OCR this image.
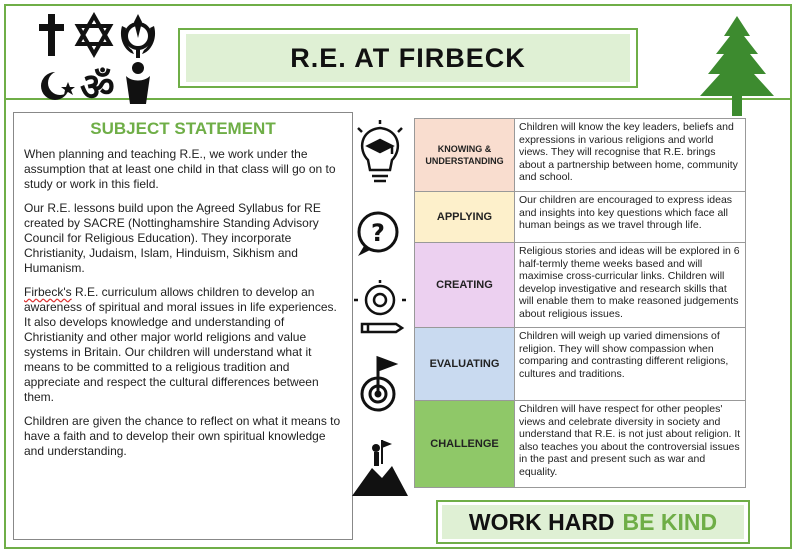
ॐ
R.E. AT FIRBECK
SUBJECT STATEMENT

When planning and teaching R.E., we work under the assumption that at least one child in that class will go on to study or work in this field.

Our R.E. lessons build upon the Agreed Syllabus for RE created by SACRE (Nottinghamshire Standing Advisory Council for Religious Education). They incorporate Christianity, Judaism, Islam, Hinduism, Sikhism and Humanism.

Firbeck's R.E. curriculum allows children to develop an awareness of spiritual and moral issues in life experiences. It also develops knowledge and understanding of Christianity and other major world religions and value systems in Britain. Our children will understand what it means to be committed to a religious tradition and appreciate and respect the cultural differences between them.

Children are given the chance to reflect on what it means to have a faith and to develop their own spiritual knowledge and understanding.

?
KNOWING & UNDERSTANDING
Children will know the key leaders, beliefs and expressions in various religions and world views. They will recognise that R.E. brings about a partnership between home, community and school.
APPLYING
Our children are encouraged to express ideas and insights into key questions which face all human beings as we travel through life.
CREATING
Religious stories and ideas will be explored in 6 half-termly theme weeks based and will maximise cross-curricular links. Children will develop investigative and research skills that will enable them to make reasoned judgements about religious issues.
EVALUATING
Children will weigh up varied dimensions of religion. They will show compassion when comparing and contrasting different religions, cultures and traditions.
CHALLENGE
Children will have respect for other peoples' views and celebrate diversity in society and understand that R.E. is not just about religion. It also teaches you about the controversial issues in the past and present such as war and equality.
WORK HARD BE KIND
